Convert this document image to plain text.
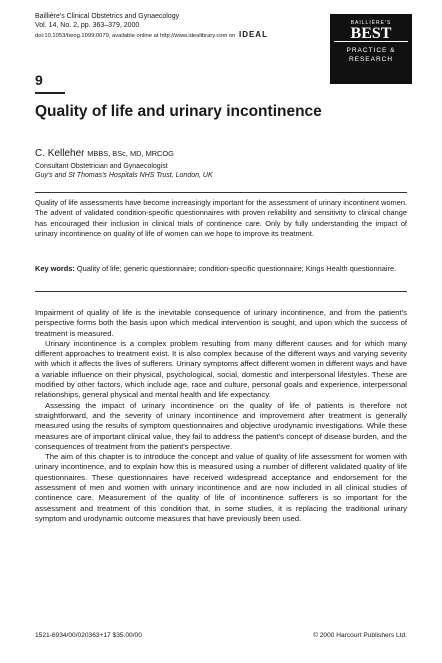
Baillière's Clinical Obstetrics and Gynaecology
Vol. 14, No. 2, pp. 363–379, 2000
doi:10.1053/beog.1999.0079, available online at http://www.idealibrary.com on IDEAL
BAILLIÈRE'S
BEST
PRACTICE &
RESEARCH
9
Quality of life and urinary incontinence
C. Kelleher MBBS, BSc, MD, MRCOG
Consultant Obstetrician and Gynaecologist
Guy's and St Thomas's Hospitals NHS Trust, London, UK
Quality of life assessments have become increasingly important for the assessment of urinary incontinent women. The advent of validated condition-specific questionnaires with proven reliability and sensitivity to clinical change has encouraged their inclusion in clinical trials of continence care. Only by fully understanding the impact of urinary incontinence on quality of life of women can we hope to improve its treatment.
Key words: Quality of life; generic questionnaire; condition-specific questionnaire; Kings Health questionnaire.

Impairment of quality of life is the inevitable consequence of urinary incontinence, and from the patient's perspective forms both the basis upon which medical intervention is sought, and upon which the success of treatment is measured.

Urinary incontinence is a complex problem resulting from many different causes and for which many different approaches to treatment exist. It is also complex because of the different ways and varying severity with which it affects the lives of sufferers. Urinary symptoms affect different women in different ways and have a variable influence on their physical, psychological, social, domestic and interpersonal lifestyles. These are modified by other factors, which include age, race and culture, personal goals and experience, interpersonal relationships, general physical and mental health and life expectancy.

Assessing the impact of urinary incontinence on the quality of life of patients is therefore not straightforward, and the severity of urinary incontinence and improvement after treatment is generally measured using the results of symptom questionnaires and objective urodynamic investigations. While these measures are of important clinical value, they fail to address the patient's concept of disease burden, and the consequences of treatment from the patient's perspective.

The aim of this chapter is to introduce the concept and value of quality of life assessment for women with urinary incontinence, and to explain how this is measured using a number of different validated quality of life questionnaires. These questionnaires have received widespread acceptance and endorsement for the assessment of men and women with urinary incontinence and are now included in all clinical studies of continence care. Measurement of the quality of life of incontinence sufferers is so important for the assessment and treatment of this condition that, in some studies, it is replacing the traditional urinary symptom and urodynamic outcome measures that have previously been used.

1521-6934/00/020363+17 $35.00/00	© 2000 Harcourt Publishers Ltd.
